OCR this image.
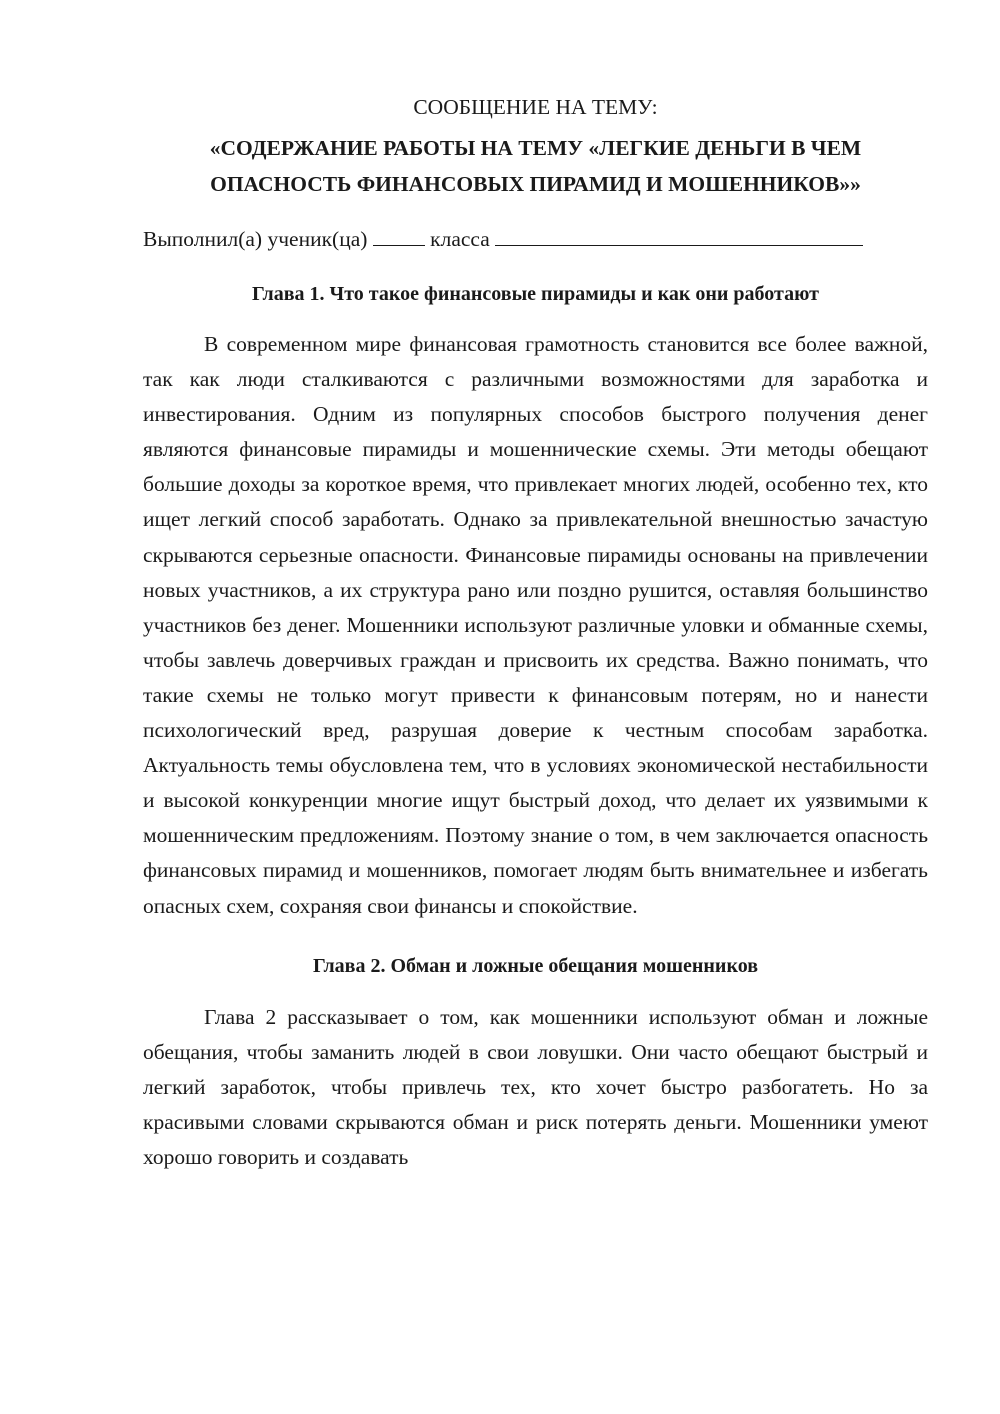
СООБЩЕНИЕ НА ТЕМУ:
«СОДЕРЖАНИЕ РАБОТЫ НА ТЕМУ «ЛЕГКИЕ ДЕНЬГИ В ЧЕМ ОПАСНОСТЬ ФИНАНСОВЫХ ПИРАМИД И МОШЕННИКОВ»»

Выполнил(а) ученик(ца)	класса

Глава 1. Что такое финансовые пирамиды и как они работают

В современном мире финансовая грамотность становится все более важной, так как люди сталкиваются с различными возможностями для заработка и инвестирования. Одним из популярных способов быстрого получения денег являются финансовые пирамиды и мошеннические схемы. Эти методы обещают большие доходы за короткое время, что привлекает многих людей, особенно тех, кто ищет легкий способ заработать. Однако за привлекательной внешностью зачастую скрываются серьезные опасности. Финансовые пирамиды основаны на привлечении новых участников, а их структура рано или поздно рушится, оставляя большинство участников без денег. Мошенники используют различные уловки и обманные схемы, чтобы завлечь доверчивых граждан и присвоить их средства. Важно понимать, что такие схемы не только могут привести к финансовым потерям, но и нанести психологический вред, разрушая доверие к честным способам заработка. Актуальность темы обусловлена тем, что в условиях экономической нестабильности и высокой конкуренции многие ищут быстрый доход, что делает их уязвимыми к мошенническим предложениям. Поэтому знание о том, в чем заключается опасность финансовых пирамид и мошенников, помогает людям быть внимательнее и избегать опасных схем, сохраняя свои финансы и спокойствие.

Глава 2. Обман и ложные обещания мошенников

Глава 2 рассказывает о том, как мошенники используют обман и ложные обещания, чтобы заманить людей в свои ловушки. Они часто обещают быстрый и легкий заработок, чтобы привлечь тех, кто хочет быстро разбогатеть. Но за красивыми словами скрываются обман и риск потерять деньги. Мошенники умеют хорошо говорить и создавать
